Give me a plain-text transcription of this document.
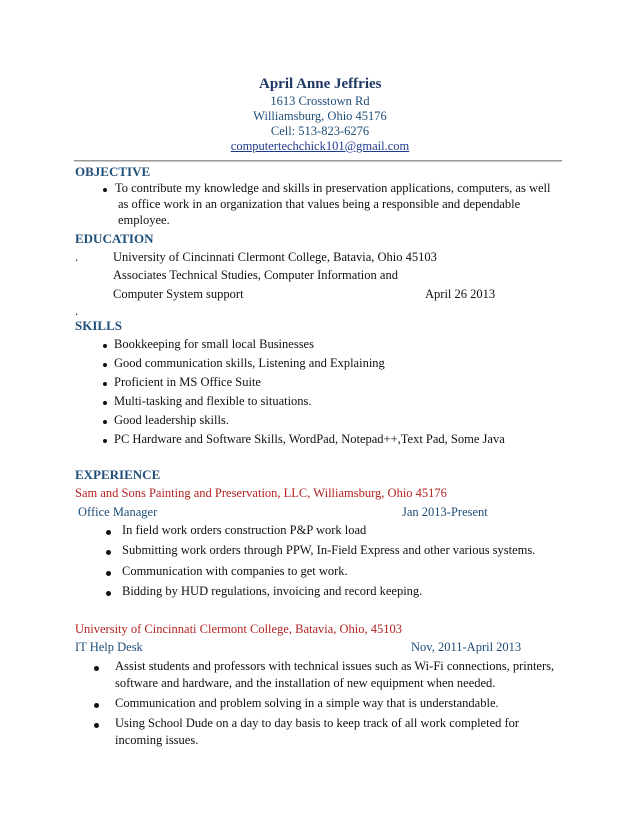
April Anne Jeffries
1613 Crosstown Rd
Williamsburg, Ohio 45176
Cell: 513-823-6276
computertechchick101@gmail.com
OBJECTIVE
To contribute my knowledge and skills in preservation applications, computers, as well
as office work in an organization that values being a responsible and dependable
employee.
EDUCATION
.	University of Cincinnati Clermont College, Batavia, Ohio 45103
Associates Technical Studies, Computer Information and
Computer System support	April 26 2013
.
SKILLS
Bookkeeping for small local Businesses
Good communication skills, Listening and Explaining
Proficient in MS Office Suite
Multi-tasking and flexible to situations.
Good leadership skills.
PC Hardware and Software Skills, WordPad, Notepad++,Text Pad, Some Java
EXPERIENCE
Sam and Sons Painting and Preservation, LLC, Williamsburg, Ohio 45176
Office Manager	Jan 2013-Present
In field work orders construction P&P work load
Submitting work orders through PPW, In-Field Express and other various systems.
Communication with companies to get work.
Bidding by HUD regulations, invoicing and record keeping.
University of Cincinnati Clermont College, Batavia, Ohio, 45103
IT Help Desk	Nov, 2011-April 2013
Assist students and professors with technical issues such as Wi-Fi connections, printers,
software and hardware, and the installation of new equipment when needed.
Communication and problem solving in a simple way that is understandable.
Using School Dude on a day to day basis to keep track of all work completed for
incoming issues.
